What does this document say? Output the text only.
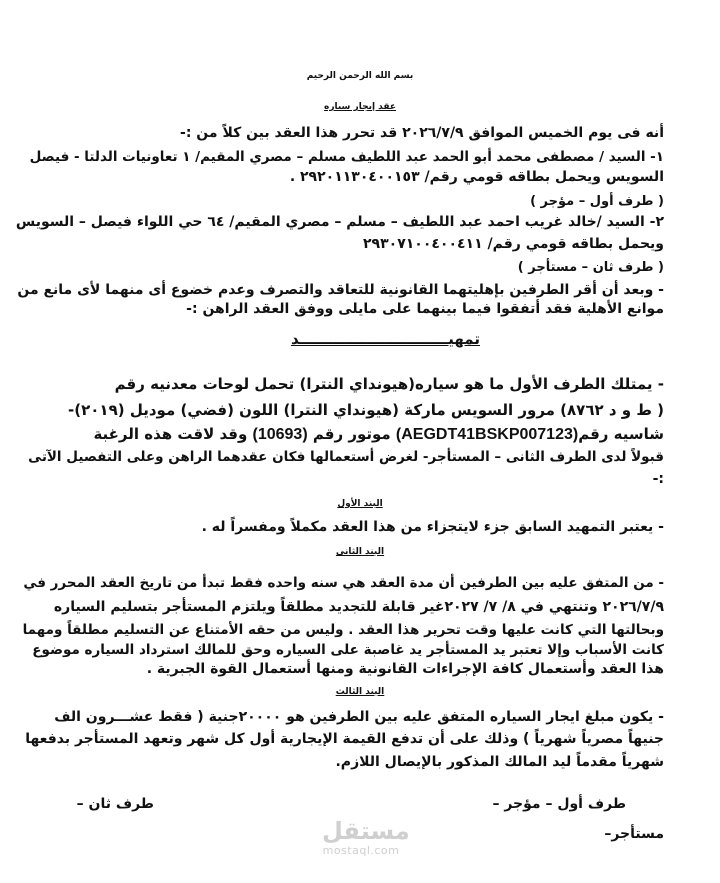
بسم الله الرحمن الرحيم
عقد إيجار سياره
أنه فى يوم الخميس الموافق ٢٠٢٦/٧/٩ قد تحرر هذا العقد بين كلاً من :-
١- السيد / مصطفى محمد أبو الحمد عبد اللطيف مسلم – مصري المقيم/ ١ تعاونيات الدلتا - فيصل
السويس ويحمل بطاقه قومي رقم/ ٢٩٢٠١١٣٠٤٠٠١٥٣ .
( طرف أول – مؤجر )
٢- السيد /خالد غريب احمد عبد اللطيف – مسلم – مصري المقيم/ ٦٤ حي اللواء فيصل – السويس
ويحمل بطاقه قومي رقم/ ٢٩٣٠٧١٠٠٤٠٠٤١١
( طرف ثان – مستأجر )
- وبعد أن أقر الطرفين بإهليتهما القانونية للتعاقد والتصرف وعدم خضوع أى منهما لأى مانع من
موانع الأهلية فقد أتفقوا فيما بينهما على مايلى ووفق العقد الراهن :-
تمهيـــــــــــــــــــــــــــــد
- يمتلك الطرف الأول ما هو سياره(هيونداي النترا) تحمل لوحات معدنيه رقم
( ط و د ٨٧٦٢) مرور السويس ماركة (هيونداي النترا) اللون (فضي) موديل (٢٠١٩)-
شاسيه رقم(AEGDT41BSKP007123) موتور رقم (10693) وقد لاقت هذه الرغبة
قبولاً لدى الطرف الثانى – المستأجر- لغرض أستعمالها فكان عقدهما الراهن وعلى التفصيل الآتى
:-
البند الأول
- يعتبر التمهيد السابق جزء لايتجزاء من هذا العقد مكملاً ومفسراً له .
البند الثانى
- من المتفق عليه بين الطرفين أن مدة العقد هي سنه واحده فقط تبدأ من تاريخ العقد المحرر في
٢٠٢٦/٧/٩ وتنتهي في ٨/ ٧/ ٢٠٢٧غير قابلة للتجديد مطلقاً ويلتزم المستأجر بتسليم السياره
وبحالتها التي كانت عليها وقت تحرير هذا العقد . وليس من حقه الأمتناع عن التسليم مطلقاً ومهما
كانت الأسباب وإلا تعتبر يد المستأجر يد غاصبة على السياره وحق للمالك استرداد السياره موضوع
هذا العقد وأستعمال كافة الإجراءات القانونية ومنها أستعمال القوة الجبرية .
البند الثالث
- يكون مبلغ ايجار السياره المتفق عليه بين الطرفين هو ٢٠٠٠٠جنية ( فقط عشـــرون الف
جنيهاً مصرياً شهرياً ) وذلك على أن تدفع القيمة الإيجارية أول كل شهر وتعهد المستأجر بدفعها
شهرياً مقدماً ليد المالك المذكور بالإيصال اللازم.
طرف أول – مؤجر –
طرف ثان –
مستأجر–
مستقل
mostaql.com
